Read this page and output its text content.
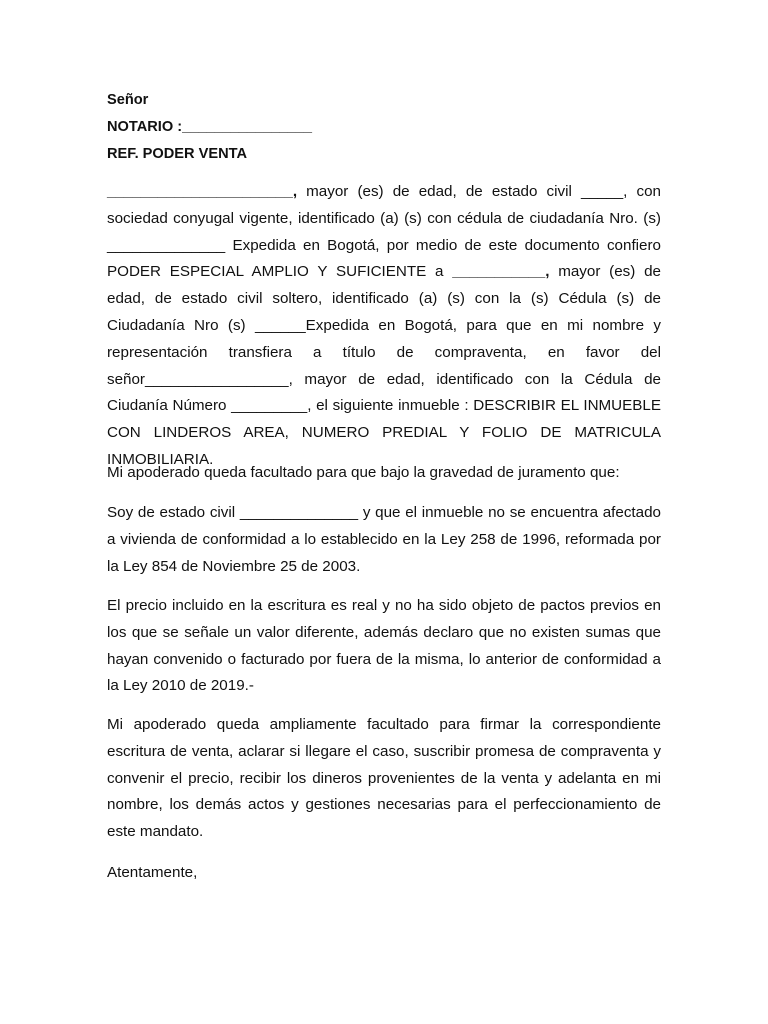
Señor

NOTARIO :________________

REF. PODER VENTA

______________________, mayor (es) de edad, de estado civil _____, con sociedad conyugal vigente, identificado (a) (s) con cédula de ciudadanía Nro. (s) ______________ Expedida en Bogotá, por medio de este documento confiero PODER ESPECIAL AMPLIO Y SUFICIENTE a ___________, mayor (es) de edad, de estado civil soltero, identificado (a) (s) con la (s) Cédula (s) de Ciudadanía Nro (s) ______Expedida en Bogotá, para que en mi nombre y representación transfiera a título de compraventa, en favor del señor_________________, mayor de edad, identificado con la Cédula de Ciudanía Número _________, el siguiente inmueble : DESCRIBIR EL INMUEBLE CON LINDEROS AREA, NUMERO PREDIAL Y FOLIO DE MATRICULA INMOBILIARIA.

Mi apoderado queda facultado para que bajo la gravedad de juramento que:

Soy de estado civil ______________ y que el inmueble no se encuentra afectado a vivienda de conformidad a lo establecido en la Ley 258 de 1996, reformada por la Ley 854 de Noviembre 25 de 2003.

El precio incluido en la escritura es real y no ha sido objeto de pactos previos en los que se señale un valor diferente, además declaro que no existen sumas que hayan convenido o facturado por fuera de la misma, lo anterior de conformidad a la Ley 2010 de 2019.-

Mi apoderado queda ampliamente facultado para firmar la correspondiente escritura de venta, aclarar si llegare el caso, suscribir promesa de compraventa y convenir el precio, recibir los dineros provenientes de la venta y adelanta en mi nombre, los demás actos y gestiones necesarias para el perfeccionamiento de este mandato.

Atentamente,
